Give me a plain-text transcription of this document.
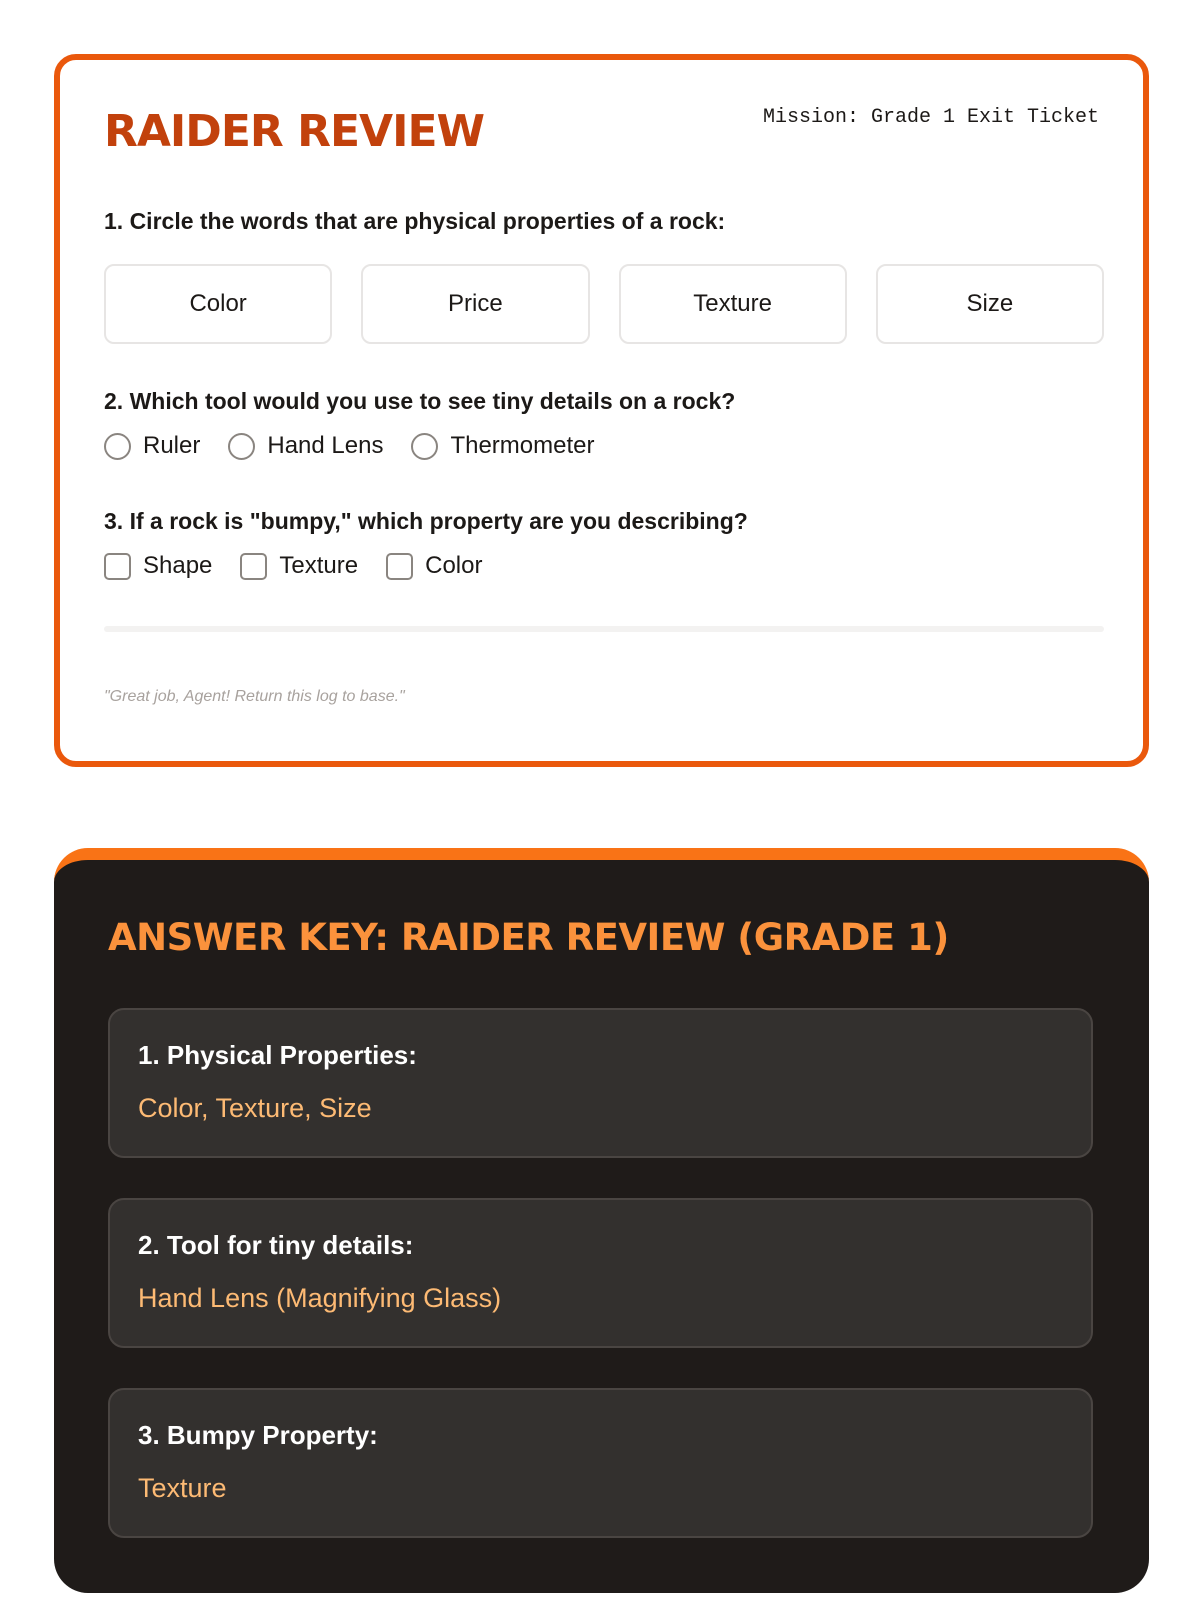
RAIDER REVIEW	Mission: Grade 1 Exit Ticket
1. Circle the words that are physical properties of a rock:
Color	Price	Texture	Size
2. Which tool would you use to see tiny details on a rock?
Ruler	Hand Lens	Thermometer
3. If a rock is "bumpy," which property are you describing?
Shape	Texture	Color
"Great job, Agent! Return this log to base."
ANSWER KEY: RAIDER REVIEW (GRADE 1)
1. Physical Properties:
Color, Texture, Size
2. Tool for tiny details:
Hand Lens (Magnifying Glass)
3. Bumpy Property:
Texture
